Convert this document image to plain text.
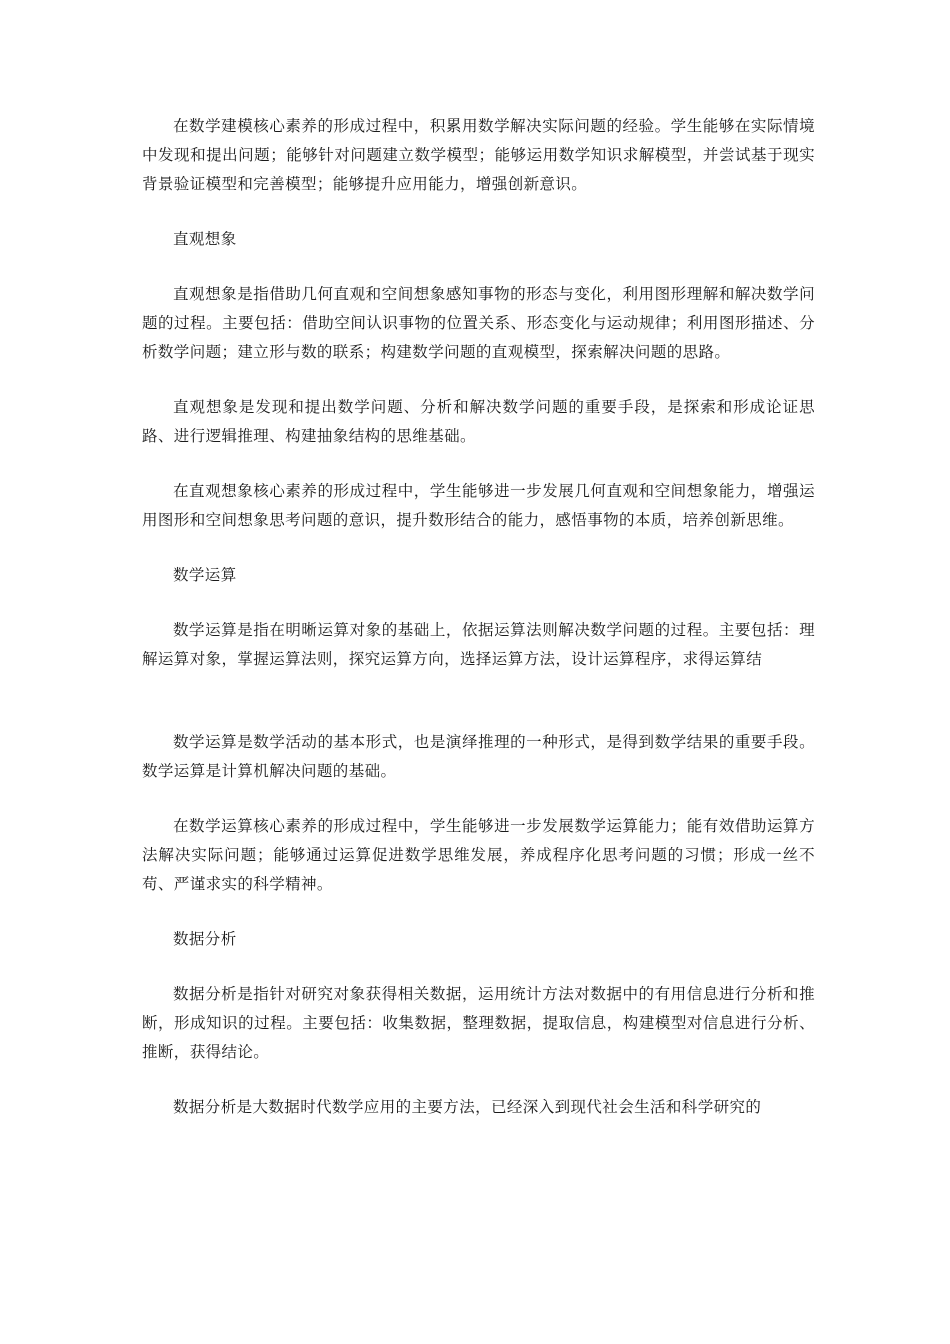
在数学建模核心素养的形成过程中，积累用数学解决实际问题的经验。学生能够在实际情境中发现和提出问题；能够针对问题建立数学模型；能够运用数学知识求解模型，并尝试基于现实背景验证模型和完善模型；能够提升应用能力，增强创新意识。

直观想象

直观想象是指借助几何直观和空间想象感知事物的形态与变化，利用图形理解和解决数学问题的过程。主要包括：借助空间认识事物的位置关系、形态变化与运动规律；利用图形描述、分析数学问题；建立形与数的联系；构建数学问题的直观模型，探索解决问题的思路。

直观想象是发现和提出数学问题、分析和解决数学问题的重要手段，是探索和形成论证思路、进行逻辑推理、构建抽象结构的思维基础。

在直观想象核心素养的形成过程中，学生能够进一步发展几何直观和空间想象能力，增强运用图形和空间想象思考问题的意识，提升数形结合的能力，感悟事物的本质，培养创新思维。

数学运算

数学运算是指在明晰运算对象的基础上，依据运算法则解决数学问题的过程。主要包括：理解运算对象，掌握运算法则，探究运算方向，选择运算方法，设计运算程序，求得运算结

数学运算是数学活动的基本形式，也是演绎推理的一种形式，是得到数学结果的重要手段。数学运算是计算机解决问题的基础。

在数学运算核心素养的形成过程中，学生能够进一步发展数学运算能力；能有效借助运算方法解决实际问题；能够通过运算促进数学思维发展，养成程序化思考问题的习惯；形成一丝不苟、严谨求实的科学精神。

数据分析

数据分析是指针对研究对象获得相关数据，运用统计方法对数据中的有用信息进行分析和推断，形成知识的过程。主要包括：收集数据，整理数据，提取信息，构建模型对信息进行分析、推断，获得结论。

数据分析是大数据时代数学应用的主要方法，已经深入到现代社会生活和科学研究的
